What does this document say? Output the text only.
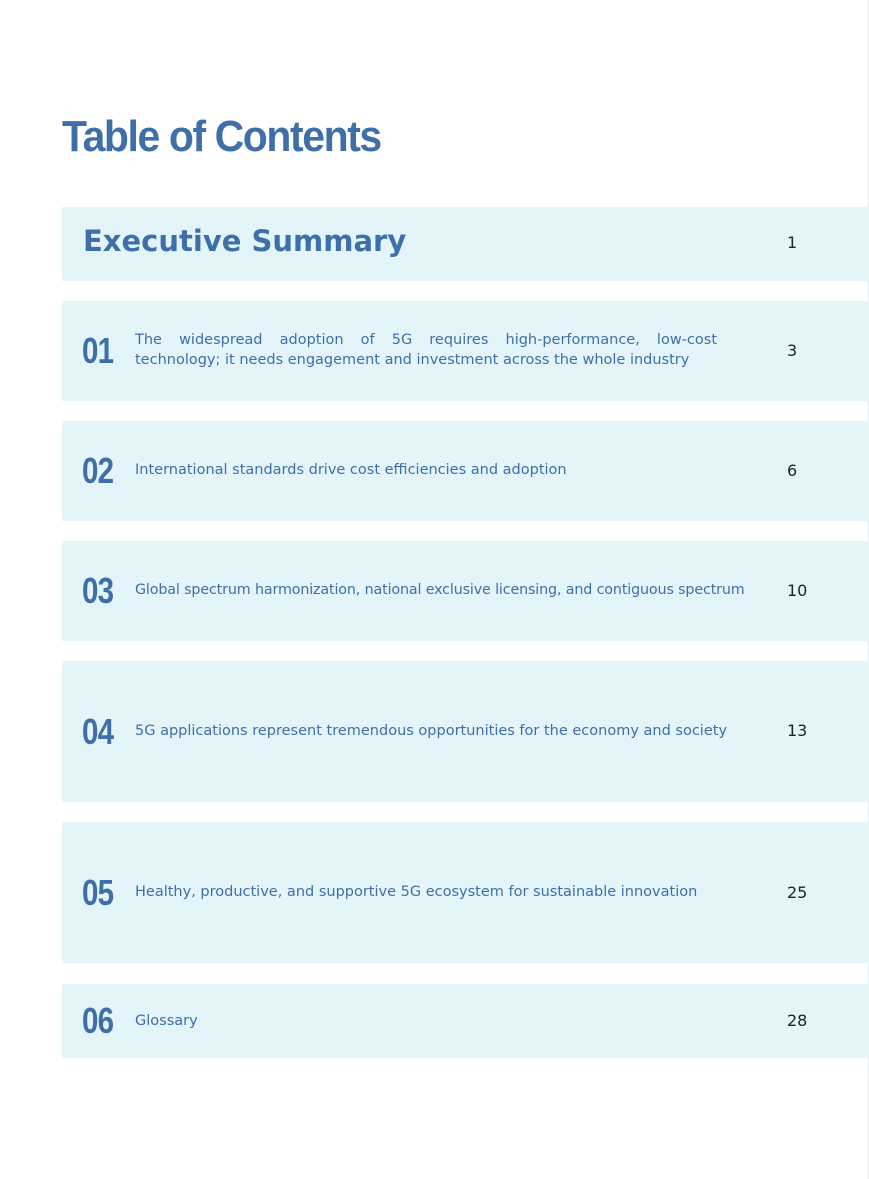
Table of Contents
Executive Summary	1
01	The widespread adoption of 5G requires high-performance, low-cost technology; it needs engagement and investment across the whole industry	3
02	International standards drive cost efficiencies and adoption	6
03	Global spectrum harmonization, national exclusive licensing, and contiguous spectrum	10
04	5G applications represent tremendous opportunities for the economy and society	13
05	Healthy, productive, and supportive 5G ecosystem for sustainable innovation	25
06	Glossary	28
